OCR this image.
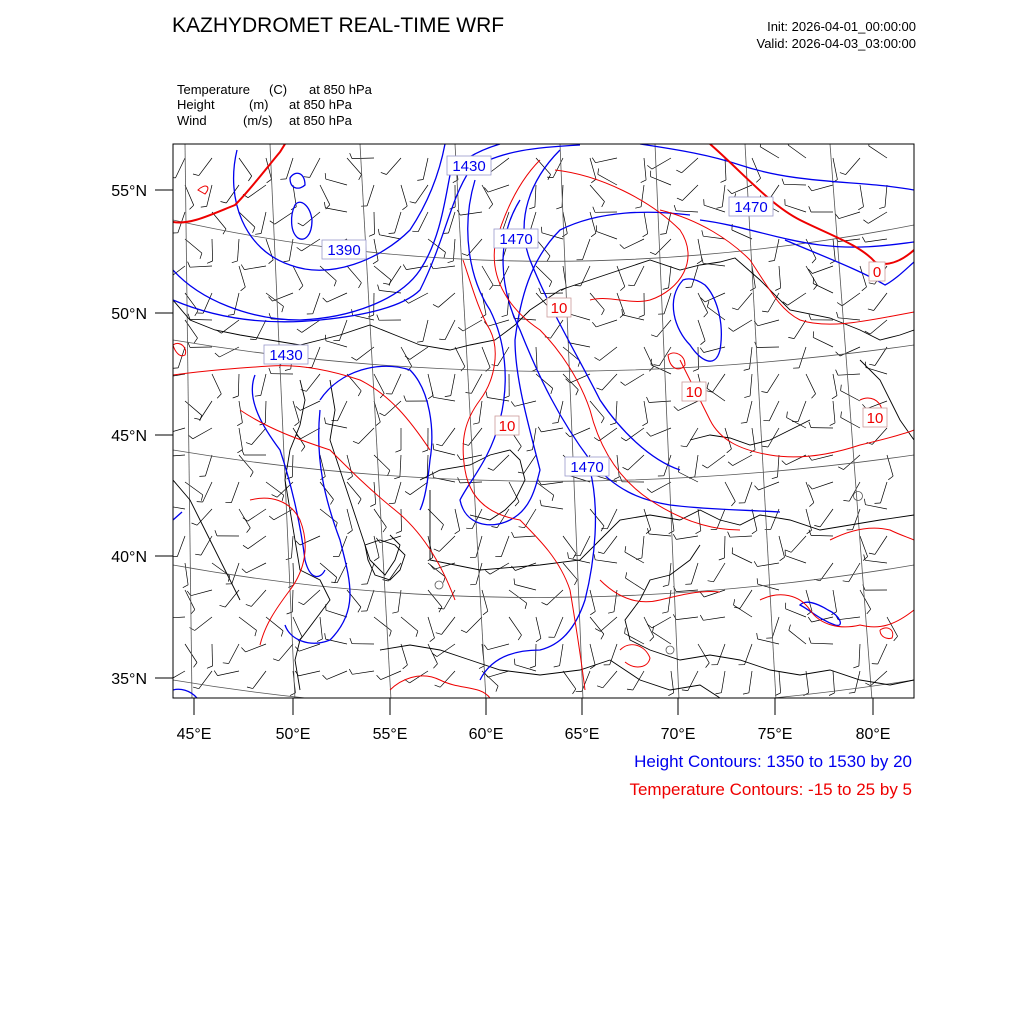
KAZHYDROMET REAL-TIME WRF	Init: 2026-04-01_00:00:00
Valid: 2026-04-03_03:00:00
Temperature (C) at 850 hPa
Height	(m) at 850 hPa
Wind	(m/s) at 850 hPa
55°N
50°N
45°N
40°N
35°N
45°E	50°E	55°E	60°E	65°E	70°E	75°E	80°E
1430
1390
1470
1430
1470
1470
10
10
10	10
0
Height Contours: 1350 to 1530 by 20
Temperature Contours: -15 to 25 by 5
